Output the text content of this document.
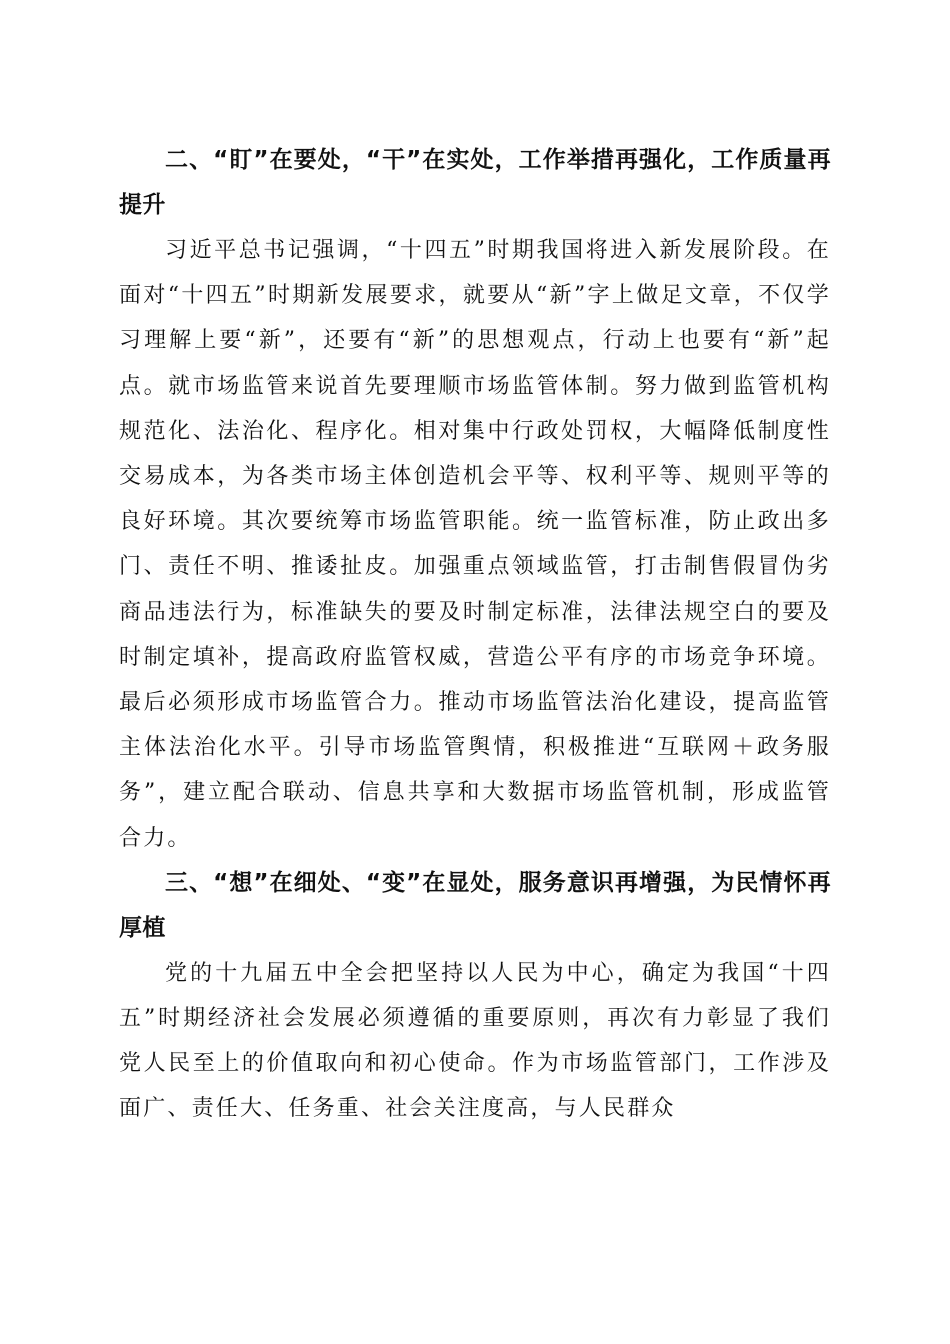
二、“盯”在要处，“干”在实处，工作举措再强化，工作质量再提升

习近平总书记强调，“十四五”时期我国将进入新发展阶段。在面对“十四五”时期新发展要求，就要从“新”字上做足文章，不仅学习理解上要“新”，还要有“新”的思想观点，行动上也要有“新”起点。就市场监管来说首先要理顺市场监管体制。努力做到监管机构规范化、法治化、程序化。相对集中行政处罚权，大幅降低制度性交易成本，为各类市场主体创造机会平等、权利平等、规则平等的良好环境。其次要统筹市场监管职能。统一监管标准，防止政出多门、责任不明、推诿扯皮。加强重点领域监管，打击制售假冒伪劣商品违法行为，标准缺失的要及时制定标准，法律法规空白的要及时制定填补，提高政府监管权威，营造公平有序的市场竞争环境。最后必须形成市场监管合力。推动市场监管法治化建设，提高监管主体法治化水平。引导市场监管舆情，积极推进“互联网＋政务服务”，建立配合联动、信息共享和大数据市场监管机制，形成监管合力。

三、“想”在细处、“变”在显处，服务意识再增强，为民情怀再厚植

党的十九届五中全会把坚持以人民为中心，确定为我国“十四五”时期经济社会发展必须遵循的重要原则，再次有力彰显了我们党人民至上的价值取向和初心使命。作为市场监管部门，工作涉及面广、责任大、任务重、社会关注度高，与人民群众
